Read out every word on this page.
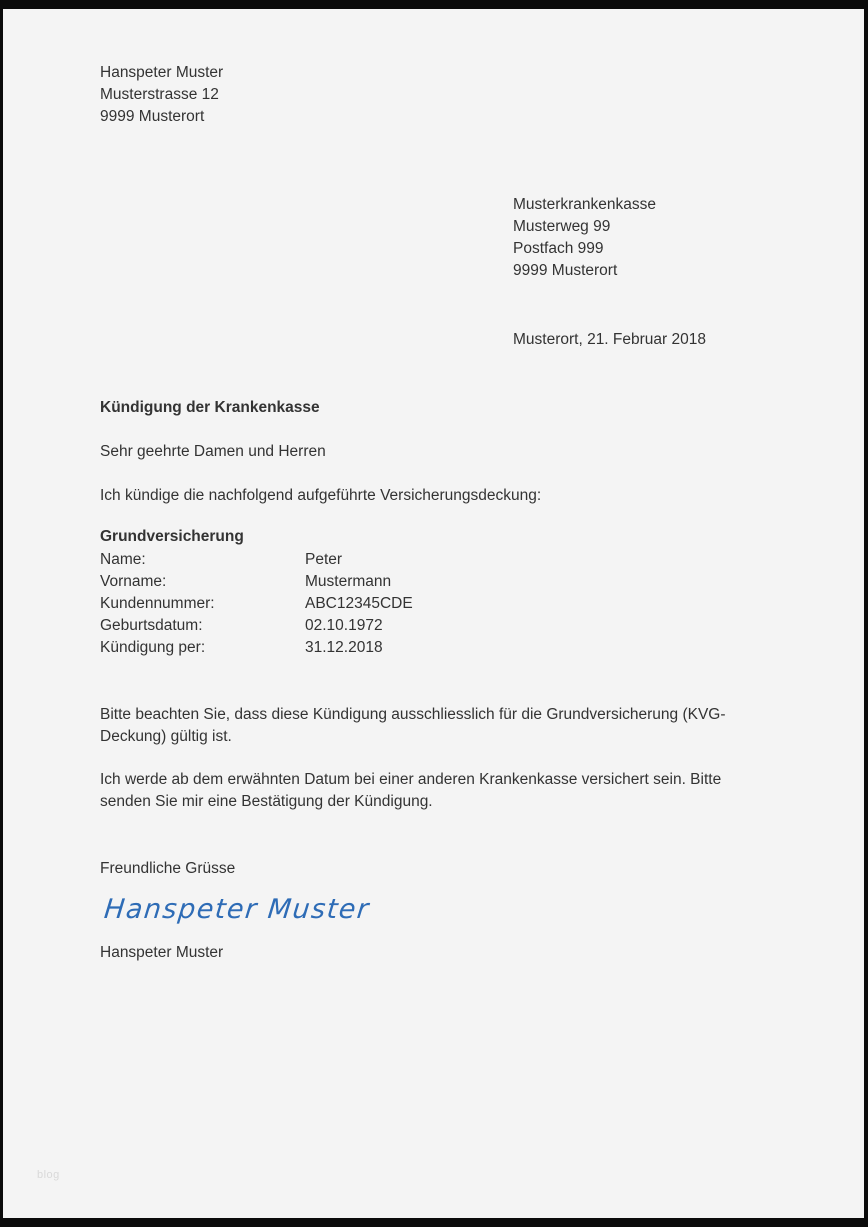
Hanspeter Muster
Musterstrasse 12
9999 Musterort
Musterkrankenkasse
Musterweg 99
Postfach 999
9999 Musterort
Musterort, 21. Februar 2018
Kündigung der Krankenkasse
Sehr geehrte Damen und Herren
Ich kündige die nachfolgend aufgeführte Versicherungsdeckung:
Grundversicherung
Name:	Peter
Vorname:	Mustermann
Kundennummer:	ABC12345CDE
Geburtsdatum:	02.10.1972
Kündigung per:	31.12.2018
Bitte beachten Sie, dass diese Kündigung ausschliesslich für die Grundversicherung (KVG-Deckung) gültig ist.
Ich werde ab dem erwähnten Datum bei einer anderen Krankenkasse versichert sein. Bitte senden Sie mir eine Bestätigung der Kündigung.
Freundliche Grüsse
Hanspeter Muster
Hanspeter Muster
blog
